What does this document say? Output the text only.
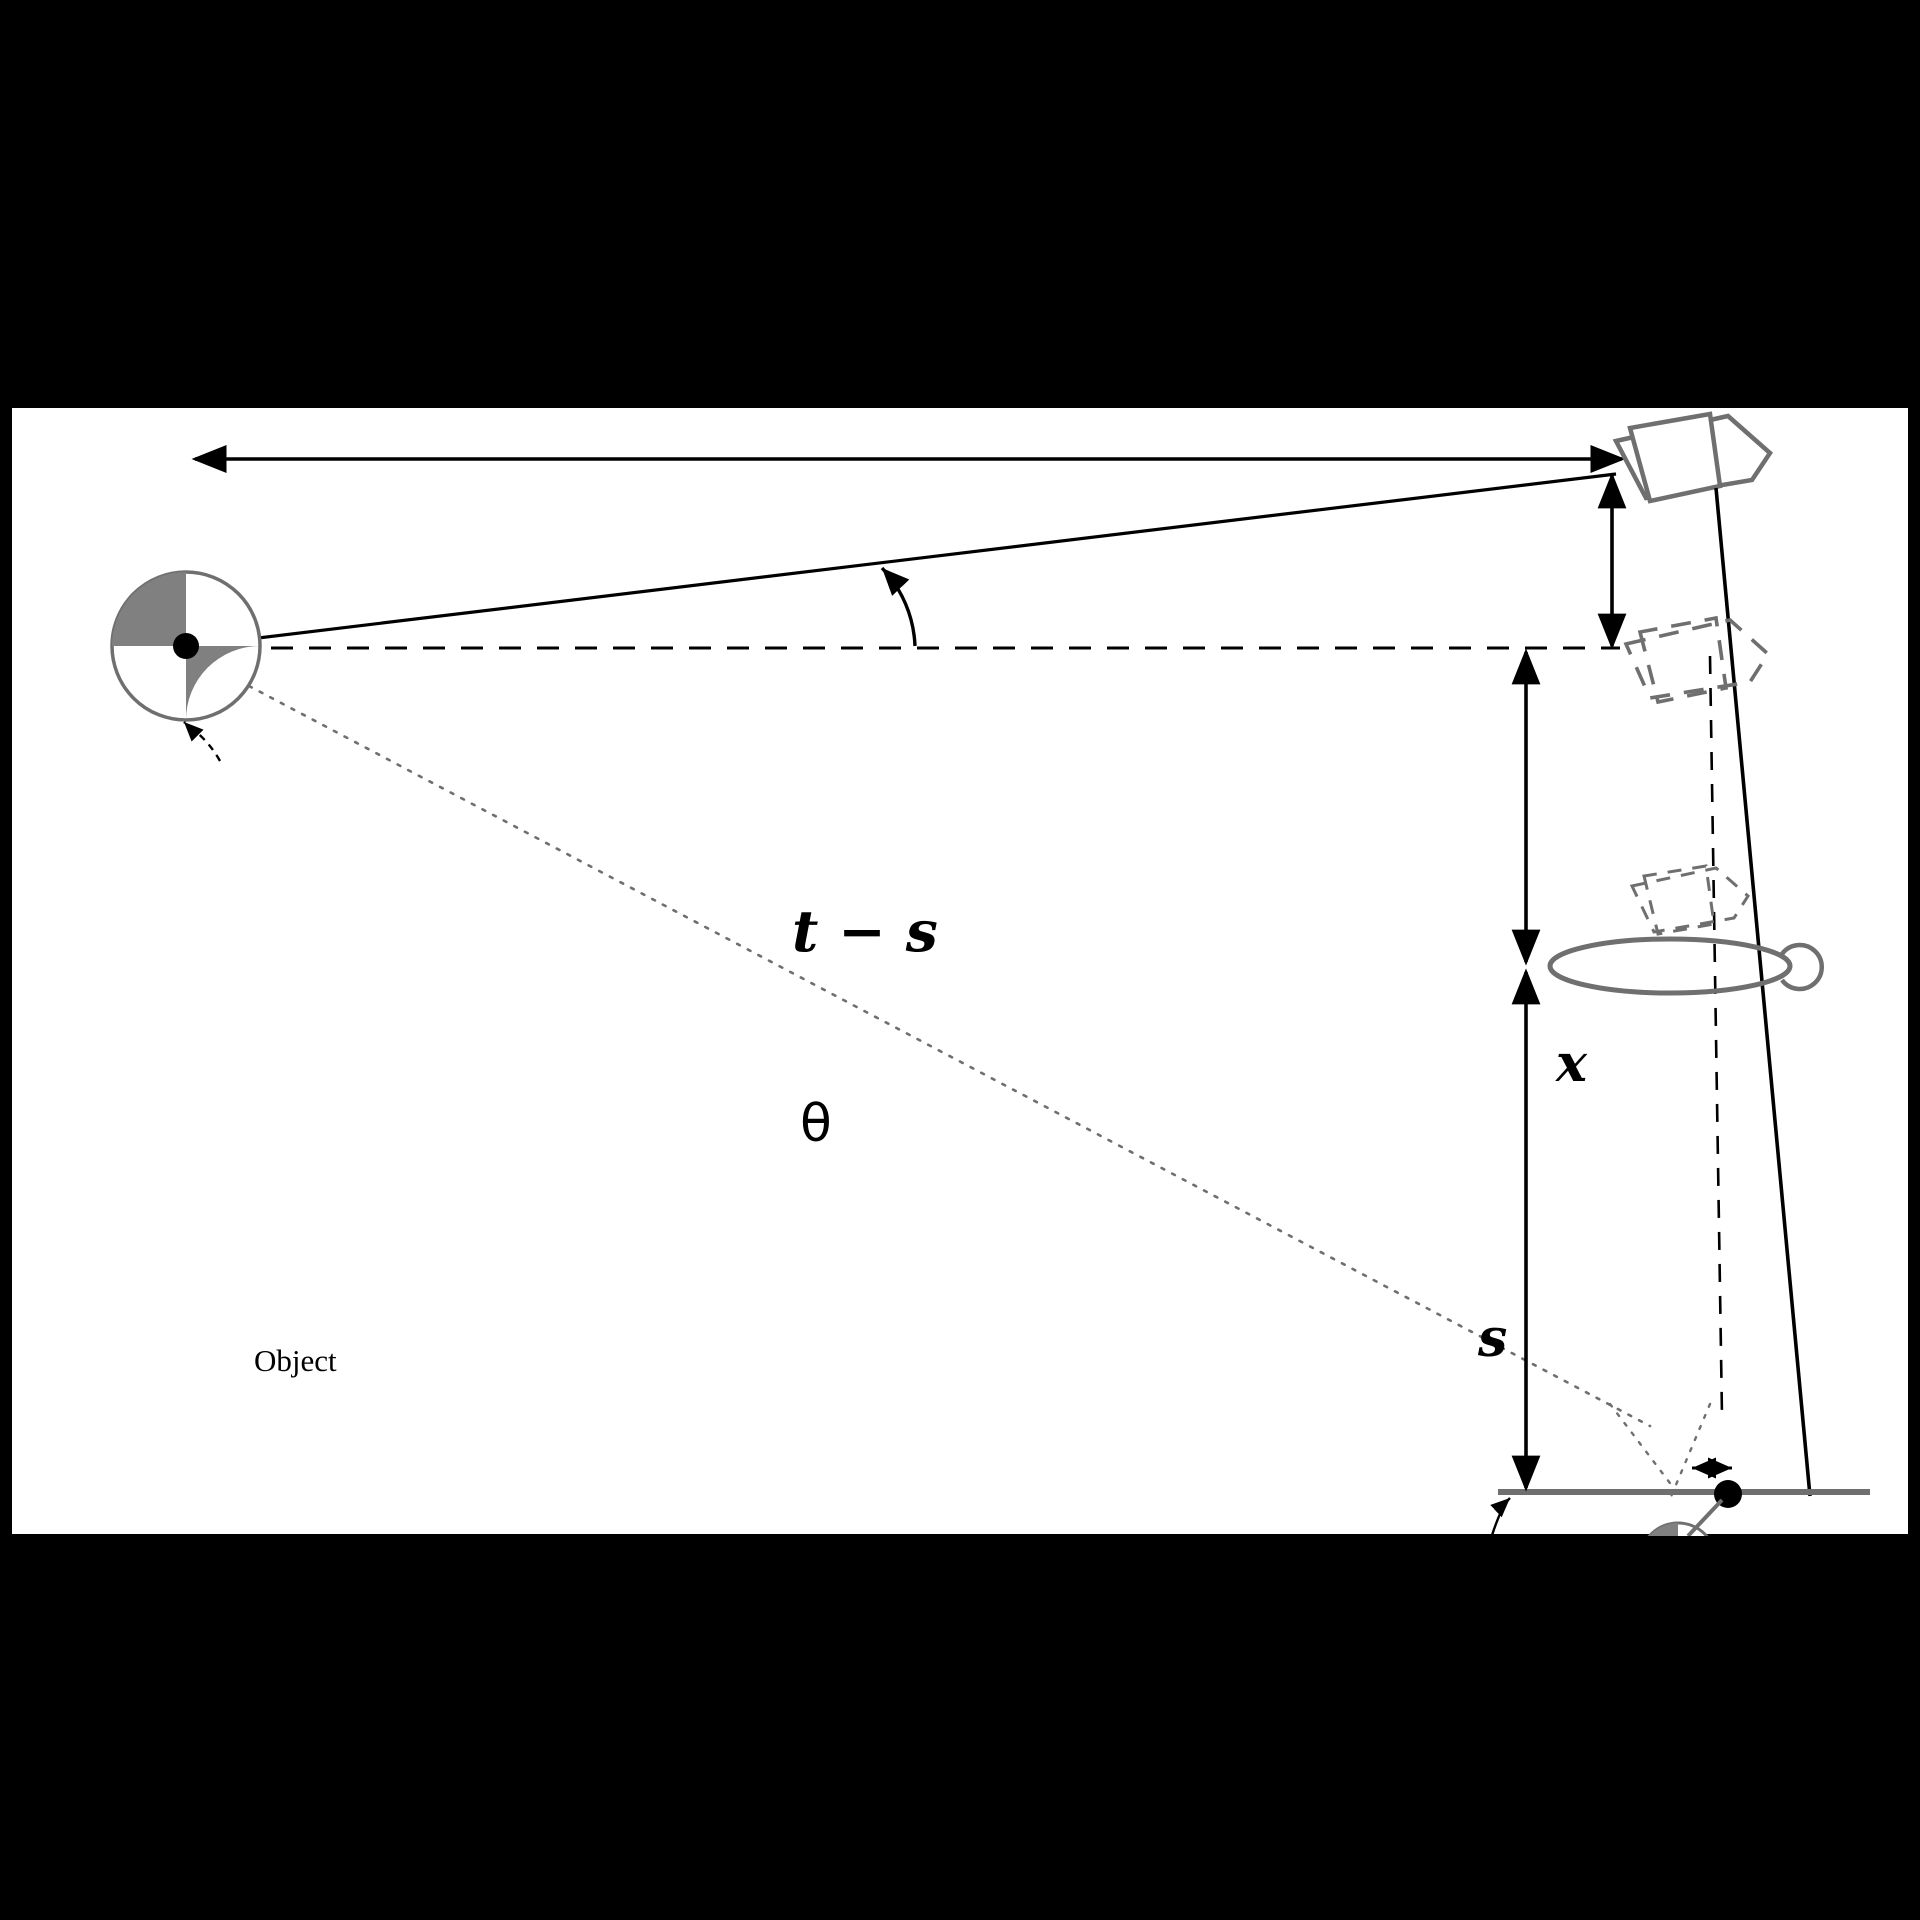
t − s
x
s
f
c
θ
Object
Image
Sensor
